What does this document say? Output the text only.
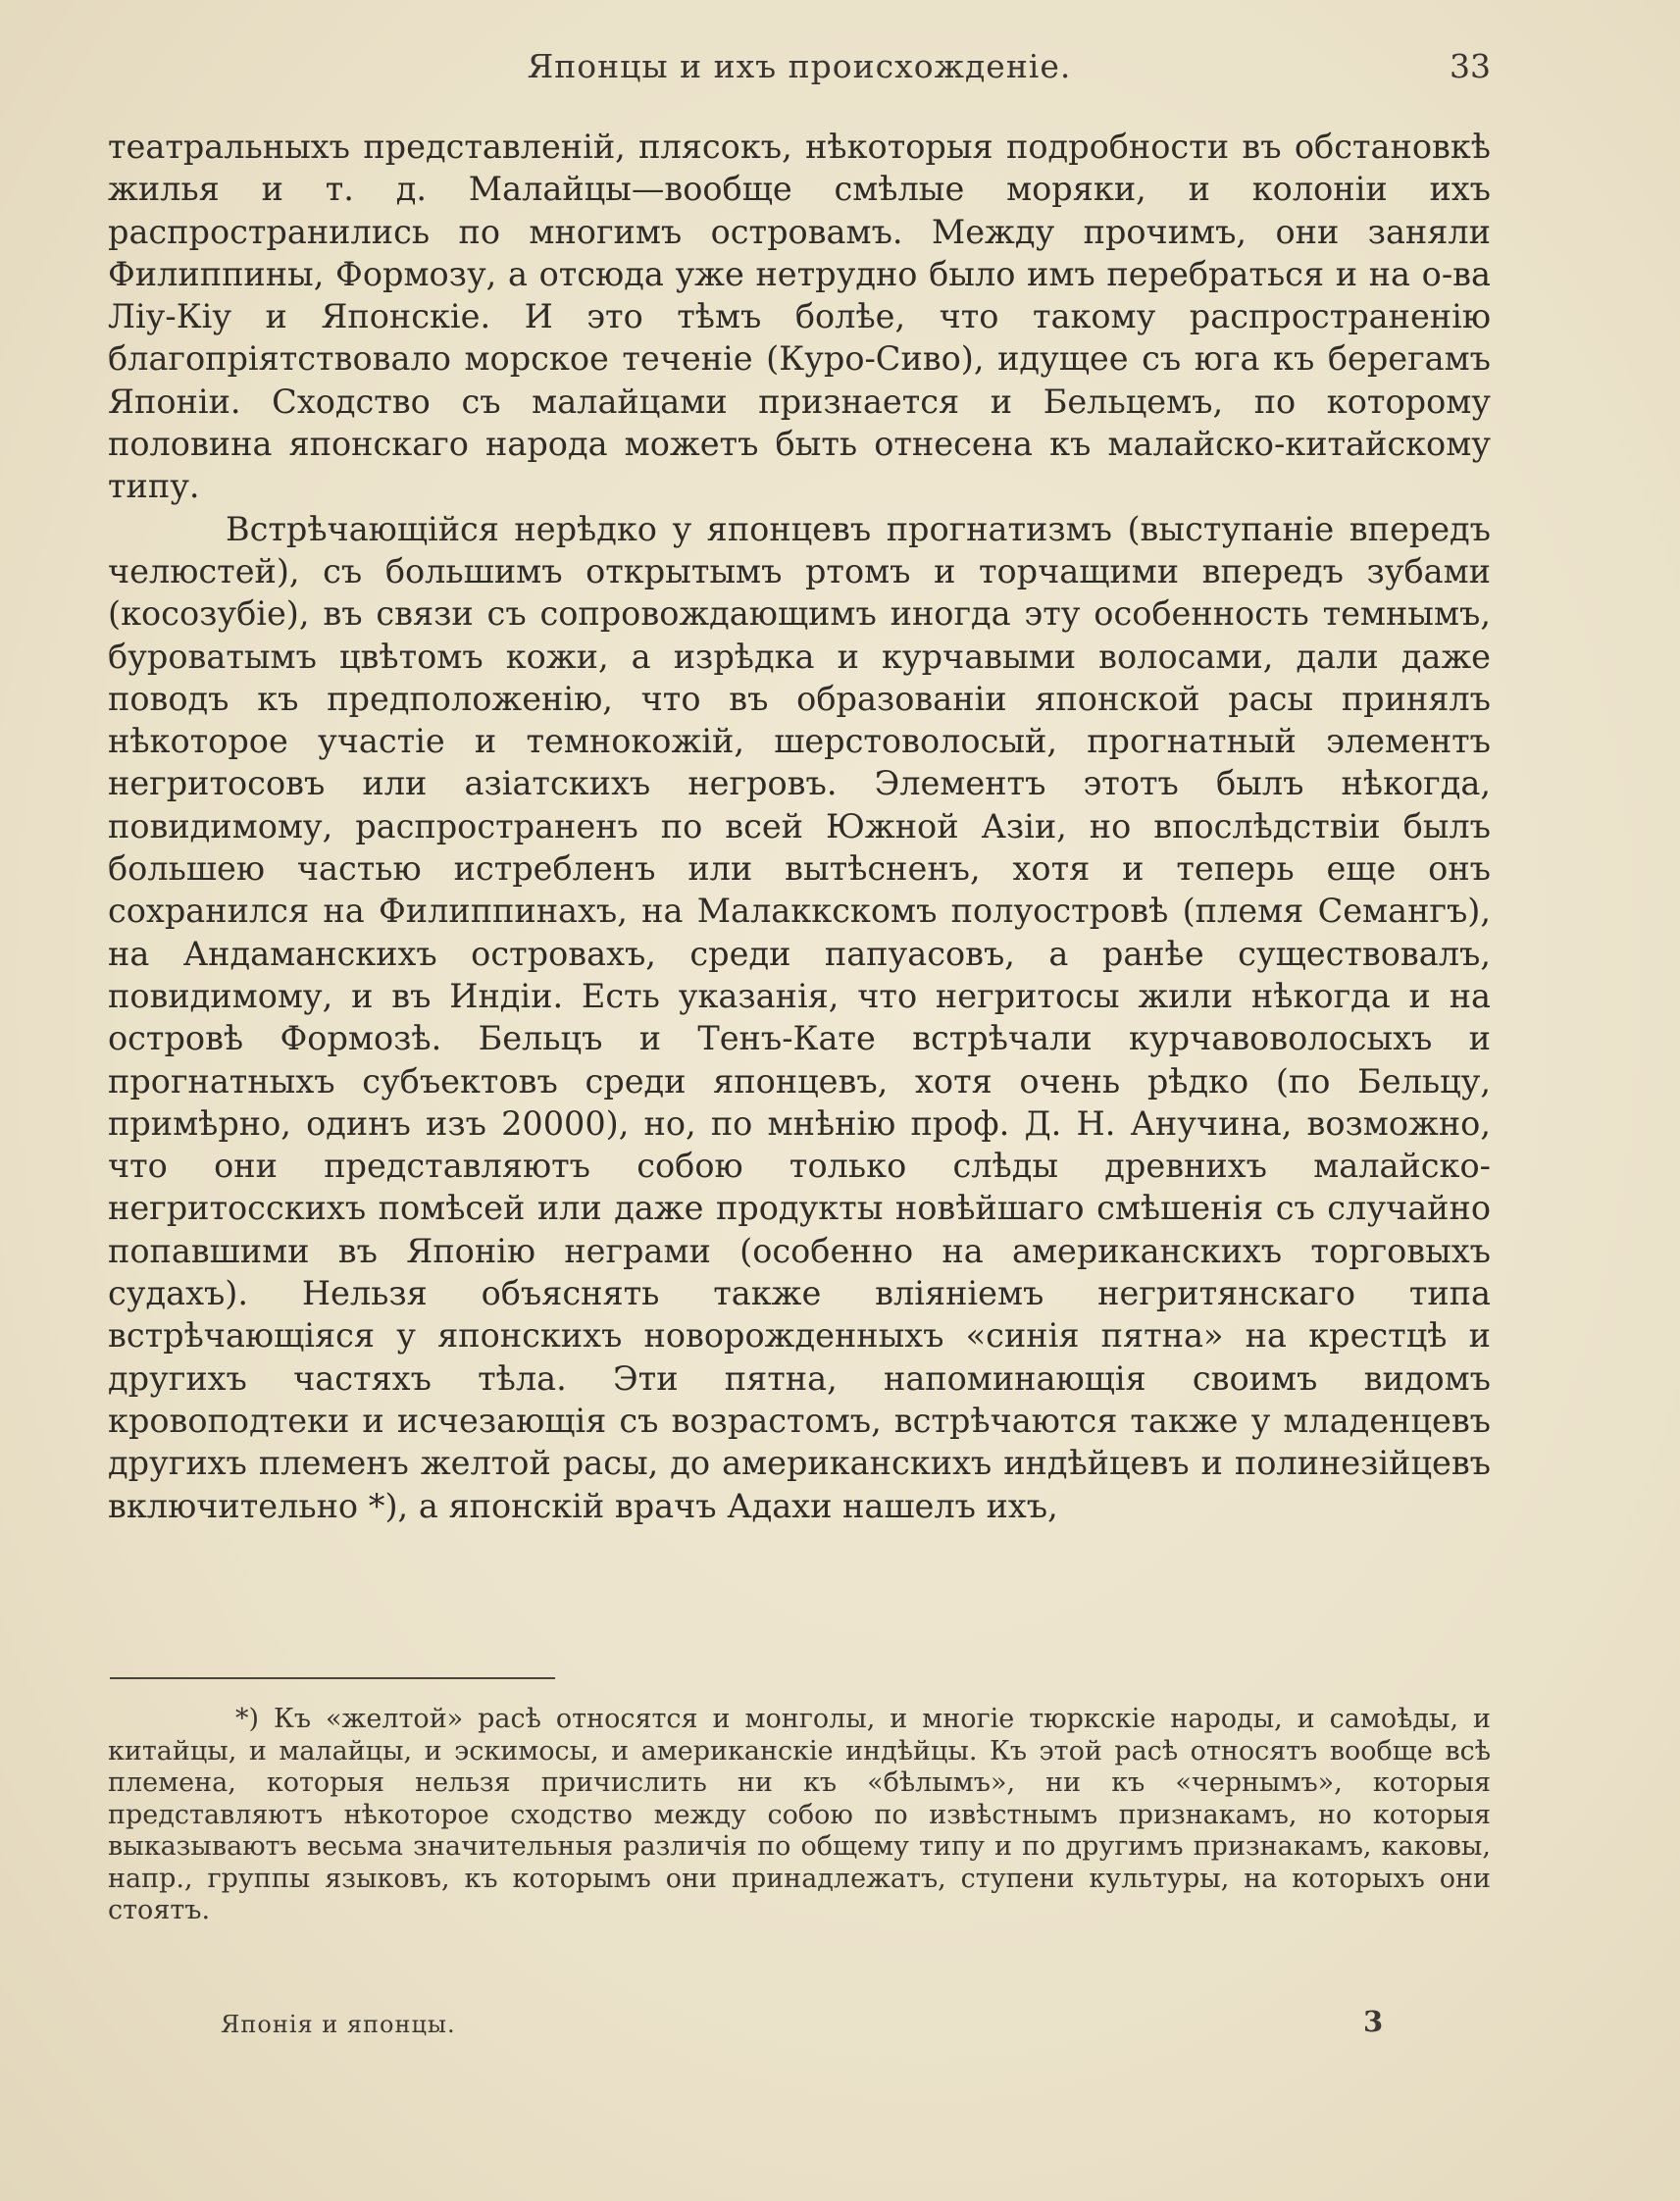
Японцы и ихъ происхожденіе.	33

театральныхъ представленій, плясокъ, нѣкоторыя подробности въ обстановкѣ жилья и т. д. Малайцы—вообще смѣлые моряки, и колоніи ихъ распространились по многимъ островамъ. Между прочимъ, они заняли Филиппины, Формозу, а отсюда уже нетрудно было имъ перебраться и на о-ва Ліу-Кіу и Японскіе. И это тѣмъ болѣе, что такому распространенію благопріятствовало морское теченіе (Куро-Сиво), идущее съ юга къ берегамъ Японіи. Сходство съ малайцами признается и Бельцемъ, по которому половина японскаго народа можетъ быть отнесена къ малайско-китайскому типу.

Встрѣчающійся нерѣдко у японцевъ прогнатизмъ (выступаніе впередъ челюстей), съ большимъ открытымъ ртомъ и торчащими впередъ зубами (косозубіе), въ связи съ сопровождающимъ иногда эту особенность темнымъ, буроватымъ цвѣтомъ кожи, а изрѣдка и курчавыми волосами, дали даже поводъ къ предположенію, что въ образованіи японской расы принялъ нѣкоторое участіе и темнокожій, шерстоволосый, прогнатный элементъ негритосовъ или азіатскихъ негровъ. Элементъ этотъ былъ нѣкогда, повидимому, распространенъ по всей Южной Азіи, но впослѣдствіи былъ большею частью истребленъ или вытѣсненъ, хотя и теперь еще онъ сохранился на Филиппинахъ, на Малаккскомъ полуостровѣ (племя Семангъ), на Андаманскихъ островахъ, среди папуасовъ, а ранѣе существовалъ, повидимому, и въ Индіи. Есть указанія, что негритосы жили нѣкогда и на островѣ Формозѣ. Бельцъ и Тенъ-Кате встрѣчали курчавоволосыхъ и прогнатныхъ субъектовъ среди японцевъ, хотя очень рѣдко (по Бельцу, примѣрно, одинъ изъ 20000), но, по мнѣнію проф. Д. Н. Анучина, возможно, что они представляютъ собою только слѣды древнихъ малайско-негритосскихъ помѣсей или даже продукты новѣйшаго смѣшенія съ случайно попавшими въ Японію неграми (особенно на американскихъ торговыхъ судахъ). Нельзя объяснять также вліяніемъ негритянскаго типа встрѣчающіяся у японскихъ новорожденныхъ «синія пятна» на крестцѣ и другихъ частяхъ тѣла. Эти пятна, напоминающія своимъ видомъ кровоподтеки и исчезающія съ возрастомъ, встрѣчаются также у младенцевъ другихъ племенъ желтой расы, до американскихъ индѣйцевъ и полинезійцевъ включительно *), а японскій врачъ Адахи нашелъ ихъ,

*) Къ «желтой» расѣ относятся и монголы, и многіе тюркскіе народы, и самоѣды, и китайцы, и малайцы, и эскимосы, и американскіе индѣйцы. Къ этой расѣ относятъ вообще всѣ племена, которыя нельзя причислить ни къ «бѣлымъ», ни къ «чернымъ», которыя представляютъ нѣкоторое сходство между собою по извѣстнымъ признакамъ, но которыя выказываютъ весьма значительныя различія по общему типу и по другимъ признакамъ, каковы, напр., группы языковъ, къ которымъ они принадлежатъ, ступени культуры, на которыхъ они стоятъ.
Японія и японцы.	3
